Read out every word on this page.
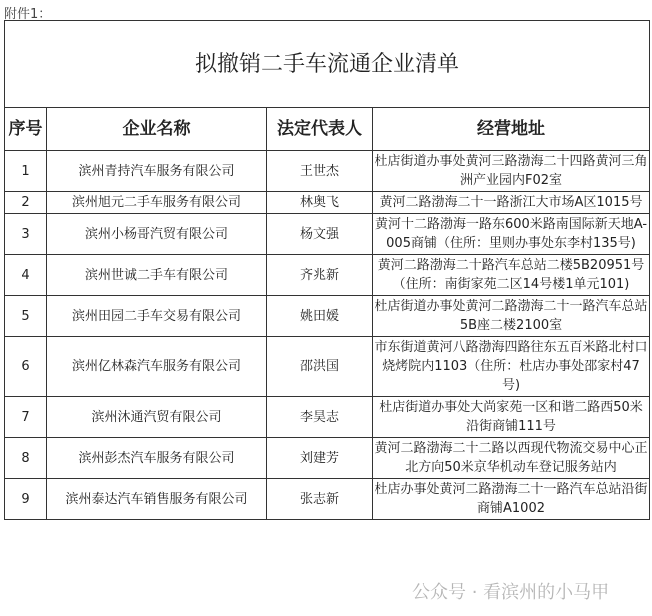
附件1：
拟撤销二手车流通企业清单			
序号	企业名称	法定代表人	经营地址
1	滨州青持汽车服务有限公司	王世杰	杜店街道办事处黄河三路渤海二十四路黄河三角洲产业园内F02室
2	滨州旭元二手车服务有限公司	林奥飞	黄河二路渤海二十一路浙江大市场A区1015号
3	滨州小杨哥汽贸有限公司	杨文强	黄河十二路渤海一路东600米路南国际新天地A-005商铺（住所：里则办事处东李村135号)
4	滨州世诚二手车有限公司	齐兆新	黄河二路渤海二十路汽车总站二楼5B20951号（住所：南街家苑二区14号楼1单元101)
5	滨州田园二手车交易有限公司	姚田媛	杜店街道办事处黄河二路渤海二十一路汽车总站5B座二楼2100室
6	滨州亿林森汽车服务有限公司	邵洪国	市东街道黄河八路渤海四路往东五百米路北村口烧烤院内1103（住所：杜店办事处邵家村47号)
7	滨州沐通汽贸有限公司	李昊志	杜店街道办事处大尚家苑一区和谐二路西50米沿街商铺111号
8	滨州彭杰汽车服务有限公司	刘建芳	黄河二路渤海二十二路以西现代物流交易中心正北方向50米京华机动车登记服务站内
9	滨州泰达汽车销售服务有限公司	张志新	杜店办事处黄河二路渤海二十一路汽车总站沿街商铺A1002
公众号 · 看滨州的小马甲
